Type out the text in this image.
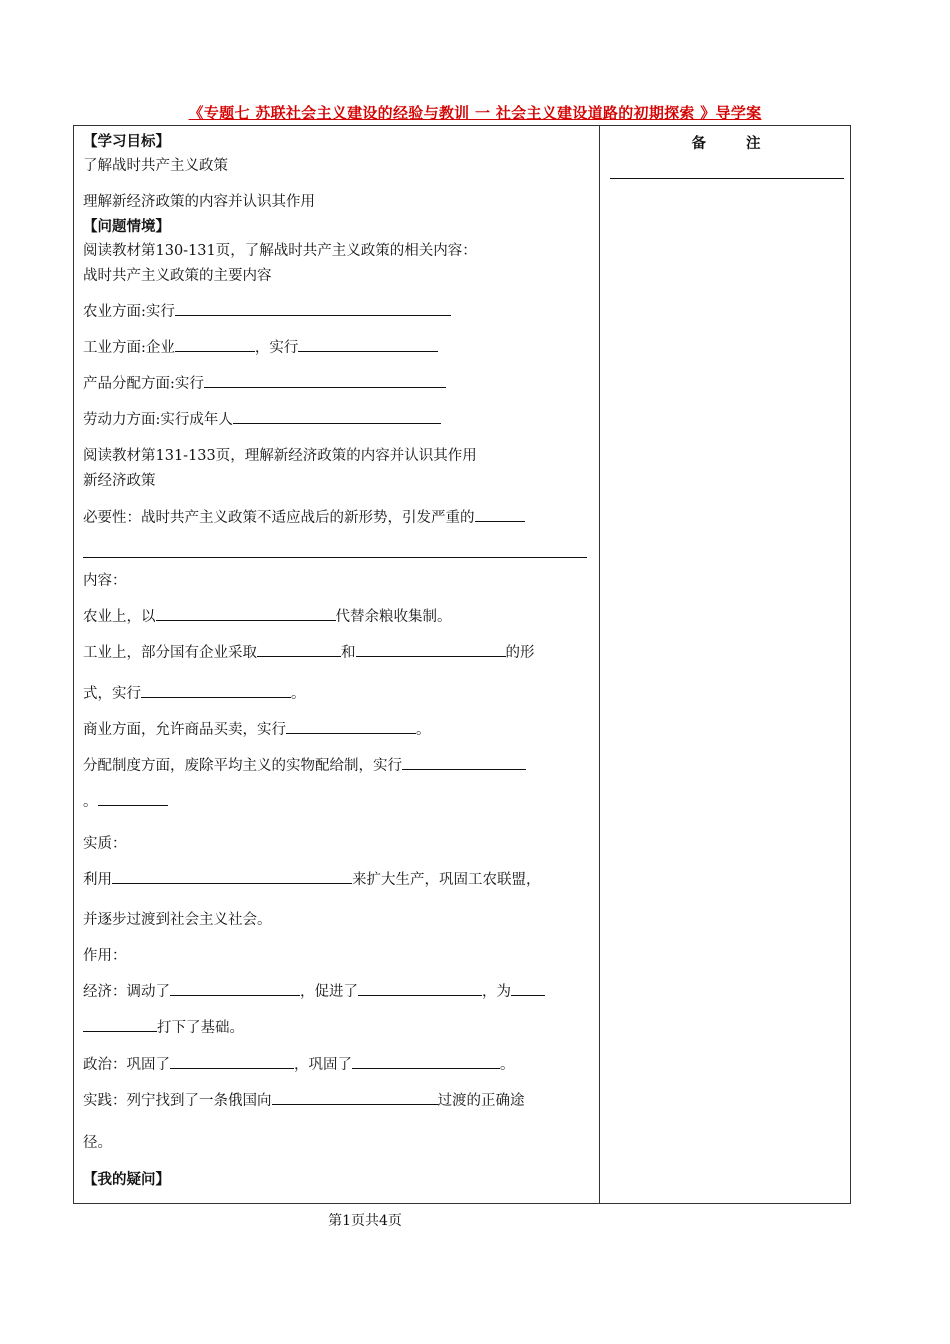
《专题七 苏联社会主义建设的经验与教训 一 社会主义建设道路的初期探索 》导学案
备注
【学习目标】
了解战时共产主义政策
理解新经济政策的内容并认识其作用
【问题情境】
阅读教材第130-131页，了解战时共产主义政策的相关内容：
战时共产主义政策的主要内容
农业方面:实行
工业方面:企业	，实行
产品分配方面:实行
劳动力方面:实行成年人
阅读教材第131-133页，理解新经济政策的内容并认识其作用
新经济政策
必要性：战时共产主义政策不适应战后的新形势，引发严重的
内容：
农业上，以	代替余粮收集制。
工业上，部分国有企业采取	和	的形
式，实行	。
商业方面，允许商品买卖，实行	。
分配制度方面，废除平均主义的实物配给制，实行
。
实质：
利用	来扩大生产，巩固工农联盟，
并逐步过渡到社会主义社会。
作用：
经济：调动了	，促进了	，为
打下了基础。
政治：巩固了	，巩固了	。
实践：列宁找到了一条俄国向	过渡的正确途
径。
【我的疑问】
第1页共4页
